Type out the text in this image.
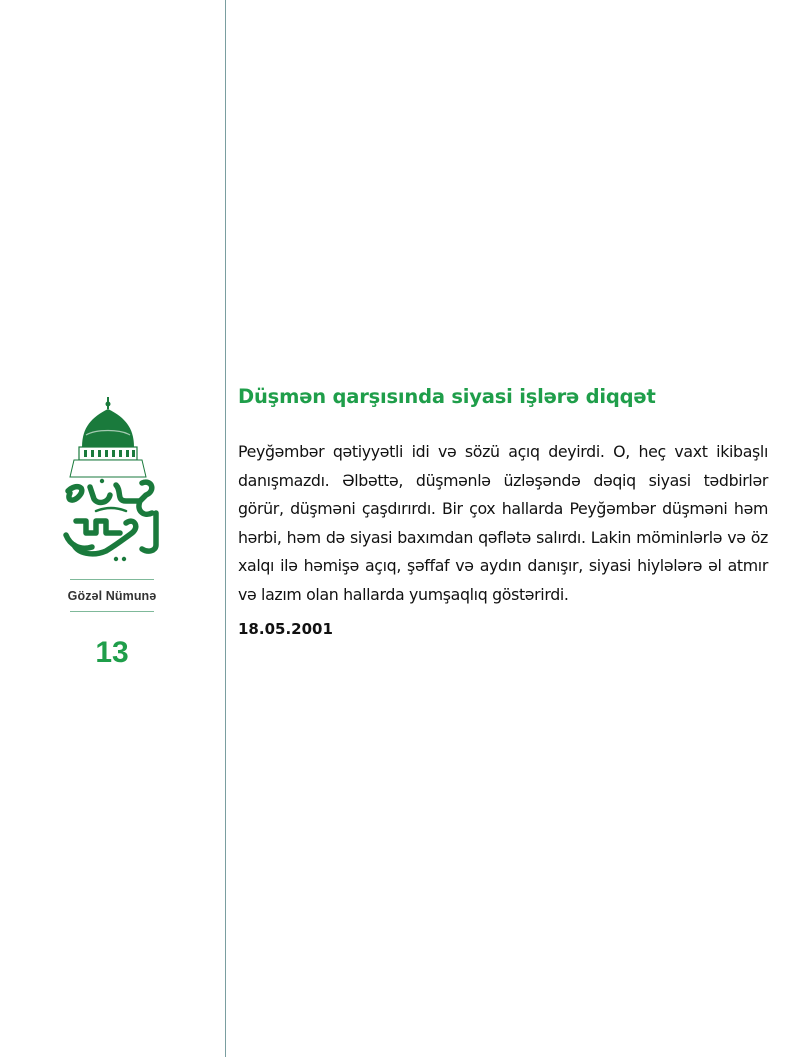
Gözəl Nümunə
13
Düşmən qarşısında siyasi işlərə diqqət

Peyğəmbər qətiyyətli idi və sözü açıq deyirdi. O, heç vaxt ikibaşlı danışmazdı. Əlbəttə, düşmənlə üzləşəndə dəqiq siyasi tədbirlər görür, düşməni çaşdırırdı. Bir çox hallarda Peyğəmbər düşməni həm hərbi, həm də siyasi baxımdan qəflətə salırdı. Lakin möminlərlə və öz xalqı ilə həmişə açıq, şəffaf və aydın danışır, siyasi hiylələrə əl atmır və lazım olan hallarda yumşaqlıq göstərirdi.

18.05.2001
